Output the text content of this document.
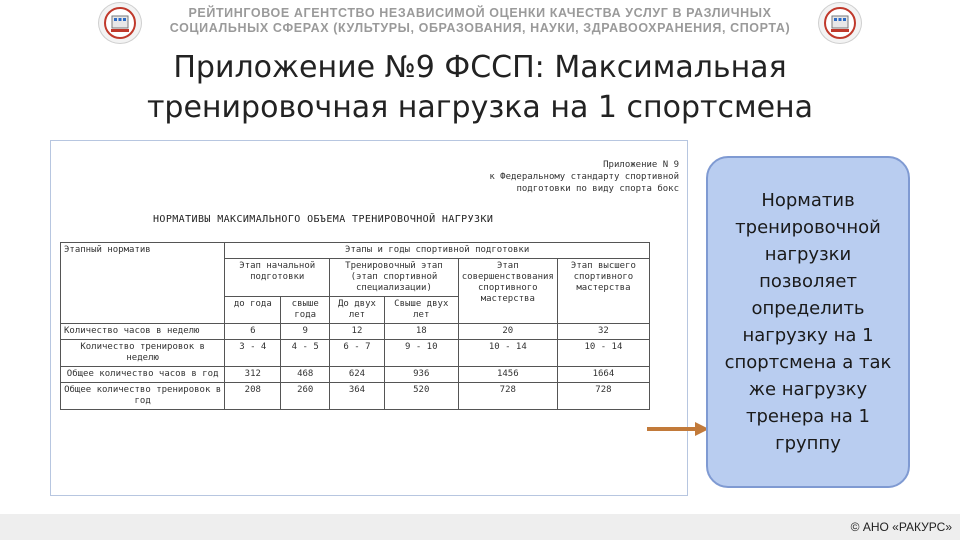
РЕЙТИНГОВОЕ АГЕНТСТВО НЕЗАВИСИМОЙ ОЦЕНКИ КАЧЕСТВА УСЛУГ В РАЗЛИЧНЫХ
СОЦИАЛЬНЫХ СФЕРАХ (КУЛЬТУРЫ, ОБРАЗОВАНИЯ, НАУКИ, ЗДРАВООХРАНЕНИЯ, СПОРТА)
Приложение №9 ФССП: Максимальная
тренировочная нагрузка на 1 спортсмена
Приложение N 9
к Федеральному стандарту спортивной
подготовки по виду спорта бокс
НОРМАТИВЫ МАКСИМАЛЬНОГО ОБЪЕМА ТРЕНИРОВОЧНОЙ НАГРУЗКИ
Этапный норматив	Этапы и годы спортивной подготовки					
	Этап начальной подготовки		Тренировочный этап (этап спортивной специализации)		Этап совершенствования спортивного мастерства	Этап высшего спортивного мастерства
	до года	свыше года	До двух лет	Свыше двух лет		
Количество часов в неделю	6	9	12	18	20	32
Количество тренировок в неделю	3 - 4	4 - 5	6 - 7	9 - 10	10 - 14	10 - 14
Общее количество часов в год	312	468	624	936	1456	1664
Общее количество тренировок в год	208	260	364	520	728	728
Норматив тренировочной нагрузки позволяет определить нагрузку на 1 спортсмена а так же нагрузку тренера на 1 группу
© АНО «РАКУРС»
